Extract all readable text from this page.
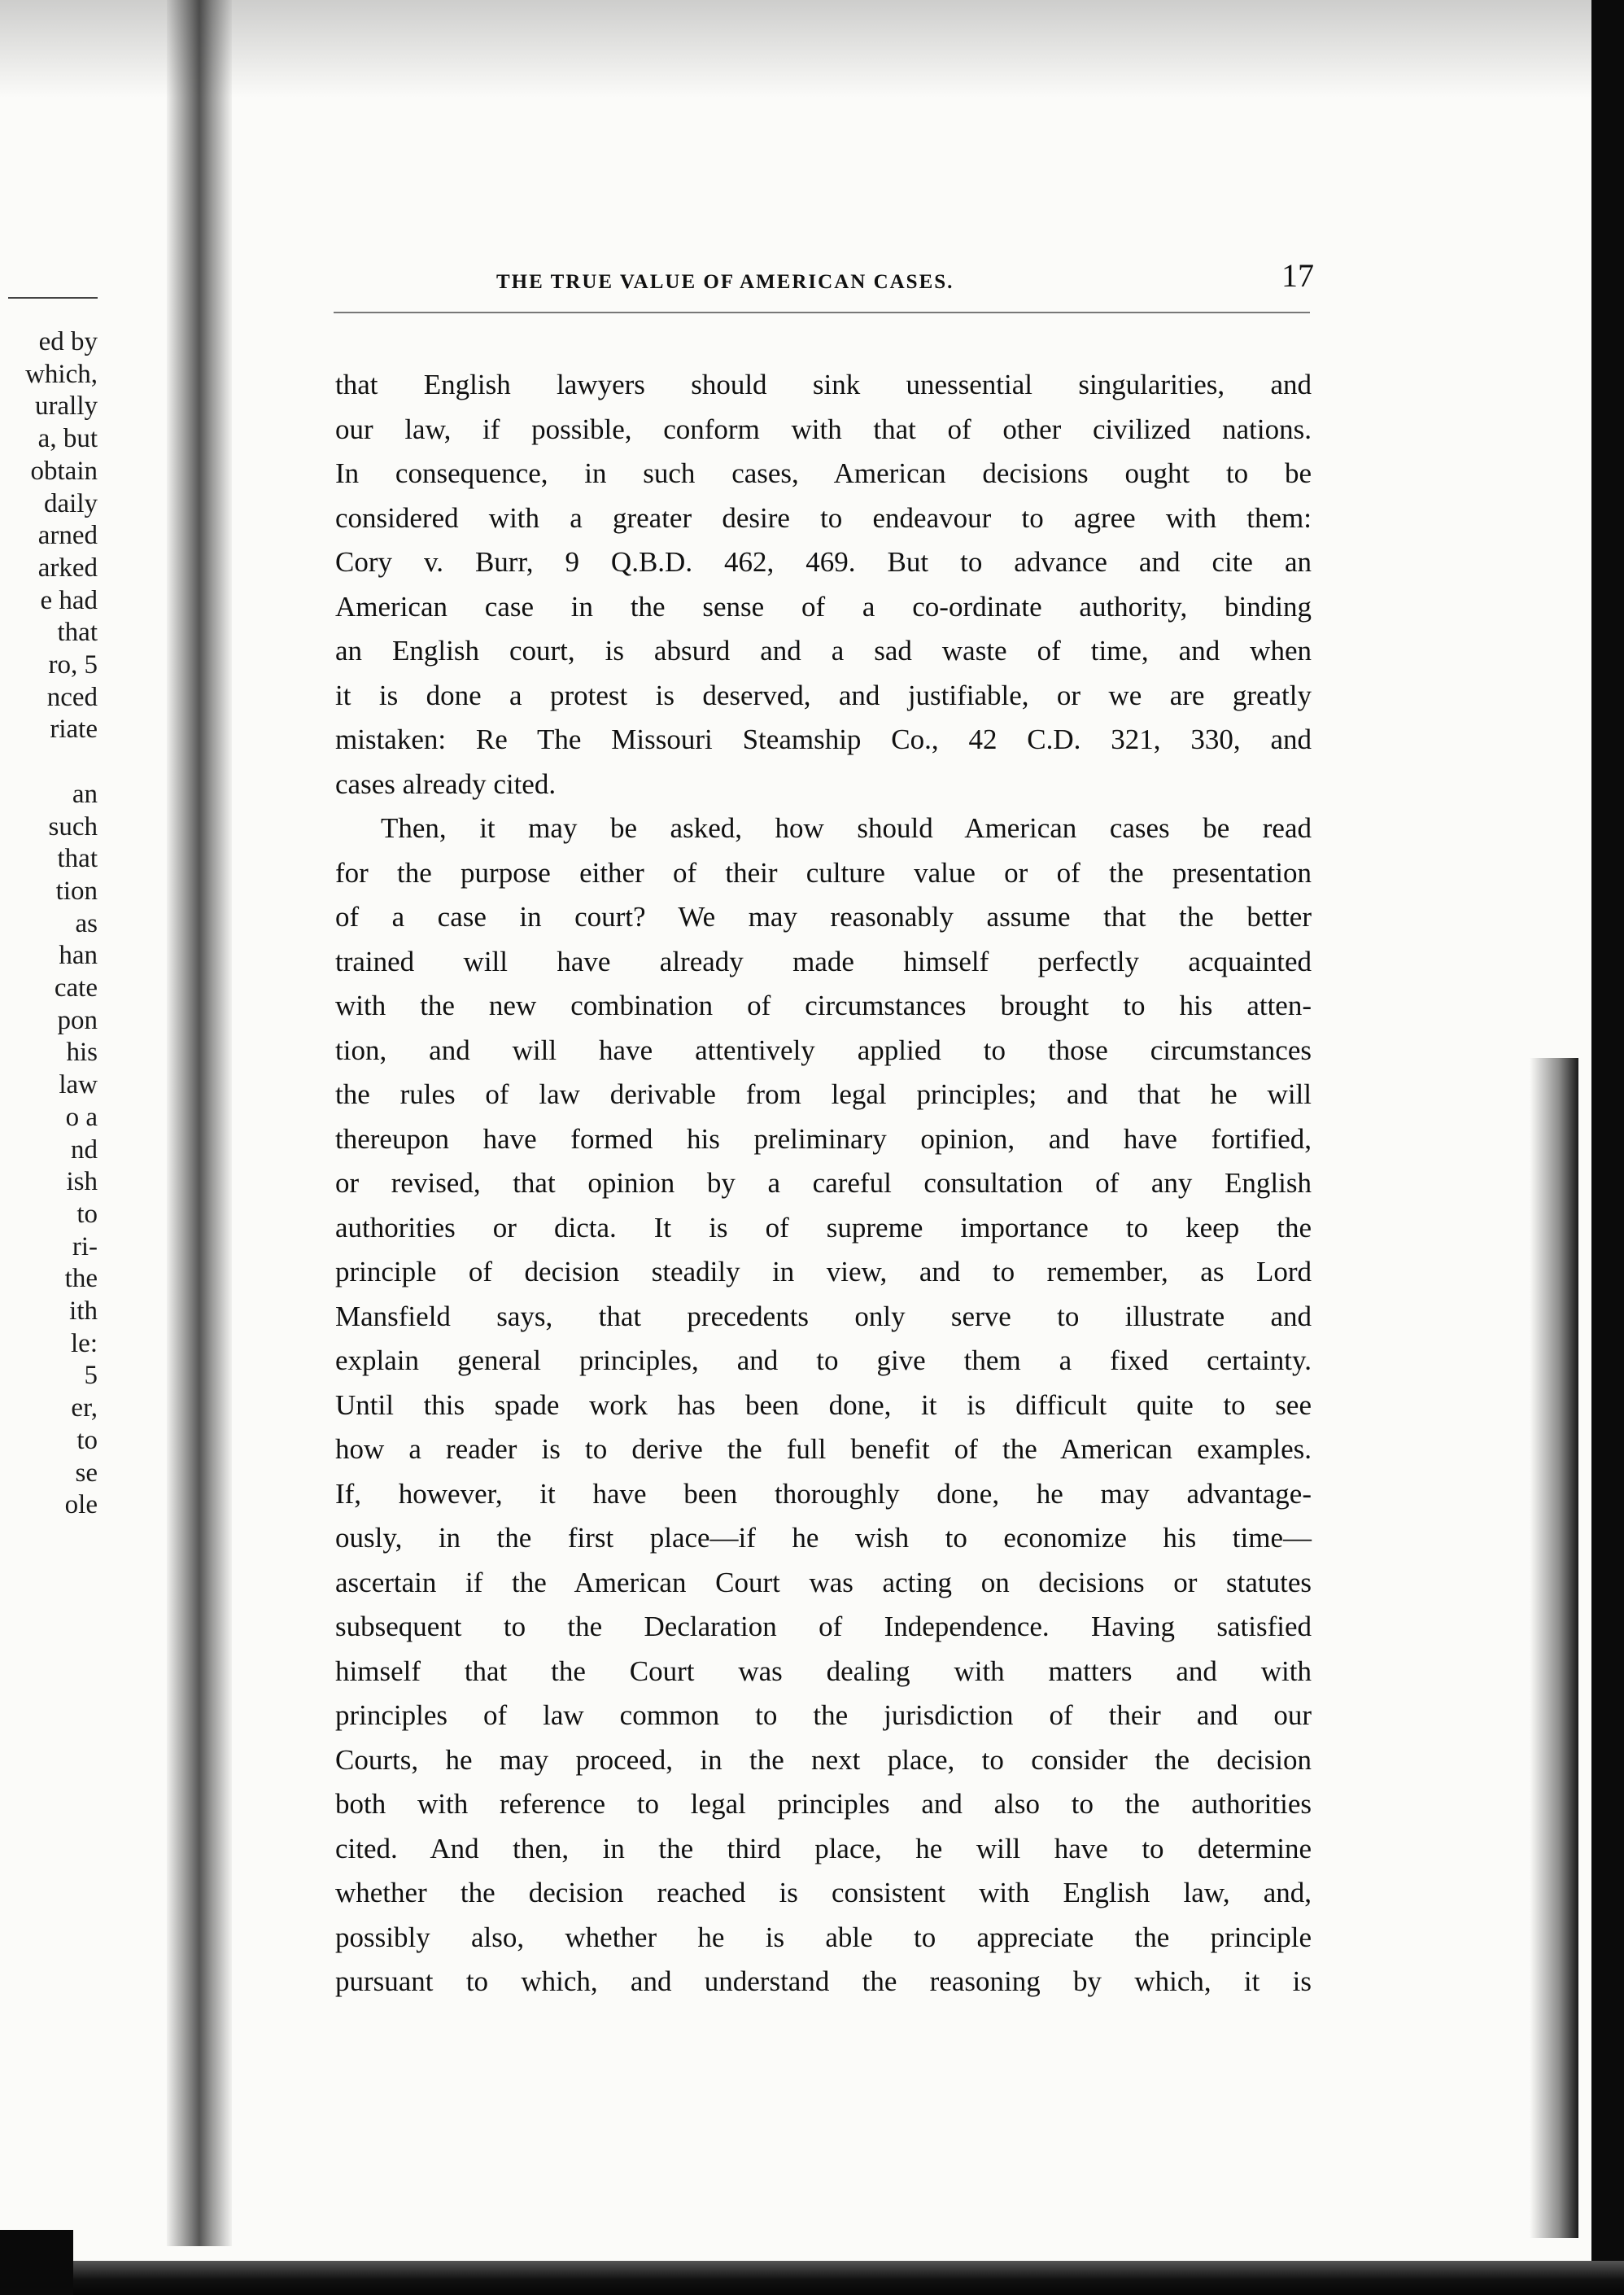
ed by
which,
urally
a, but
obtain
daily
arned
arked
e had
that
ro, 5
nced
riate
an
such
that
tion
as
han
cate
pon
his
law
o a
nd
ish
to
ri-
the
ith
le:
5
er,
to
se
ole
THE TRUE VALUE OF AMERICAN CASES.	17
that English lawyers should sink unessential singularities, and
our law, if possible, conform with that of other civilized nations.
In consequence, in such cases, American decisions ought to be
considered with a greater desire to endeavour to agree with them:
Cory v. Burr, 9 Q.B.D. 462, 469. But to advance and cite an
American case in the sense of a co-ordinate authority, binding
an English court, is absurd and a sad waste of time, and when
it is done a protest is deserved, and justifiable, or we are greatly
mistaken: Re The Missouri Steamship Co., 42 C.D. 321, 330, and
cases already cited.
Then, it may be asked, how should American cases be read
for the purpose either of their culture value or of the presentation
of a case in court? We may reasonably assume that the better
trained will have already made himself perfectly acquainted
with the new combination of circumstances brought to his atten-
tion, and will have attentively applied to those circumstances
the rules of law derivable from legal principles; and that he will
thereupon have formed his preliminary opinion, and have fortified,
or revised, that opinion by a careful consultation of any English
authorities or dicta. It is of supreme importance to keep the
principle of decision steadily in view, and to remember, as Lord
Mansfield says, that precedents only serve to illustrate and
explain general principles, and to give them a fixed certainty.
Until this spade work has been done, it is difficult quite to see
how a reader is to derive the full benefit of the American examples.
If, however, it have been thoroughly done, he may advantage-
ously, in the first place—if he wish to economize his time—
ascertain if the American Court was acting on decisions or statutes
subsequent to the Declaration of Independence. Having satisfied
himself that the Court was dealing with matters and with
principles of law common to the jurisdiction of their and our
Courts, he may proceed, in the next place, to consider the decision
both with reference to legal principles and also to the authorities
cited. And then, in the third place, he will have to determine
whether the decision reached is consistent with English law, and,
possibly also, whether he is able to appreciate the principle
pursuant to which, and understand the reasoning by which, it is
